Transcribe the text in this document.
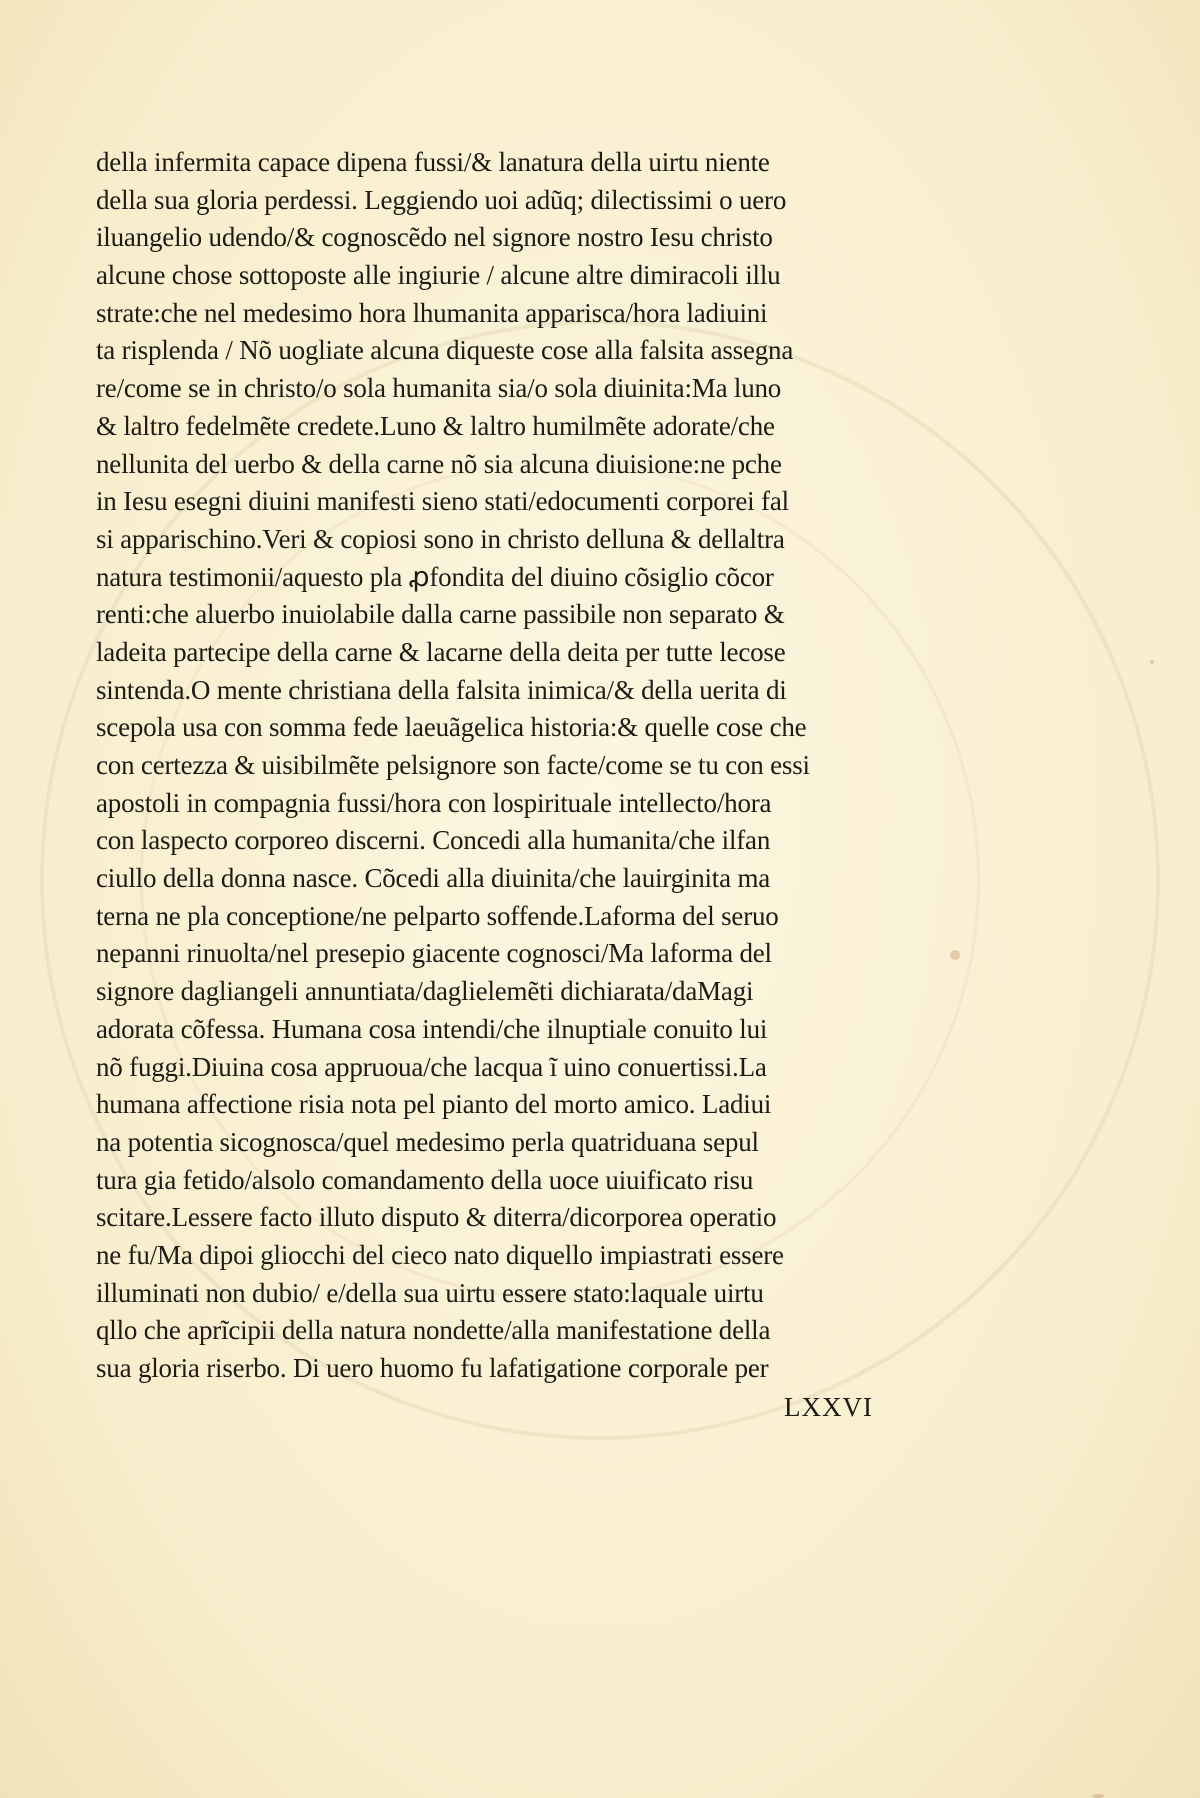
della infermita capace dipena fussi/& lanatura della uirtu niente
della sua gloria perdessi. Leggiendo uoi adũq; dilectissimi o uero
iluangelio udendo/& cognoscẽdo nel signore nostro Iesu christo
alcune chose sottoposte alle ingiurie / alcune altre dimiracoli illu
strate:che nel medesimo hora lhumanita apparisca/hora ladiuini
ta risplenda / Nõ uogliate alcuna diqueste cose alla falsita assegna
re/come se in christo/o sola humanita sia/o sola diuinita:Ma luno
& laltro fedelmẽte credete.Luno & laltro humilmẽte adorate/che
nellunita del uerbo & della carne nõ sia alcuna diuisione:ne pche
in Iesu esegni diuini manifesti sieno stati/edocumenti corporei fal
si apparischino.Veri & copiosi sono in christo delluna & dellaltra
natura testimonii/aquesto pla ꝓfondita del diuino cõsiglio cõcor
renti:che aluerbo inuiolabile dalla carne passibile non separato &
ladeita partecipe della carne & lacarne della deita per tutte lecose
sintenda.O mente christiana della falsita inimica/& della uerita di
scepola usa con somma fede laeuãgelica historia:& quelle cose che
con certezza & uisibilmẽte pelsignore son facte/come se tu con essi
apostoli in compagnia fussi/hora con lospirituale intellecto/hora
con laspecto corporeo discerni. Concedi alla humanita/che ilfan
ciullo della donna nasce. Cõcedi alla diuinita/che lauirginita ma
terna ne pla conceptione/ne pelparto soffende.Laforma del seruo
nepanni rinuolta/nel presepio giacente cognosci/Ma laforma del
signore dagliangeli annuntiata/daglielemẽti dichiarata/daMagi
adorata cõfessa. Humana cosa intendi/che ilnuptiale conuito lui
nõ fuggi.Diuina cosa appruoua/che lacqua ĩ uino conuertissi.La
humana affectione risia nota pel pianto del morto amico. Ladiui
na potentia sicognosca/quel medesimo perla quatriduana sepul
tura gia fetido/alsolo comandamento della uoce uiuificato risu
scitare.Lessere facto illuto disputo & diterra/dicorporea operatio
ne fu/Ma dipoi gliocchi del cieco nato diquello impiastrati essere
illuminati non dubio/ e/della sua uirtu essere stato:laquale uirtu
qllo che aprĩcipii della natura nondette/alla manifestatione della
sua gloria riserbo. Di uero huomo fu lafatigatione corporale per
LXXVI
